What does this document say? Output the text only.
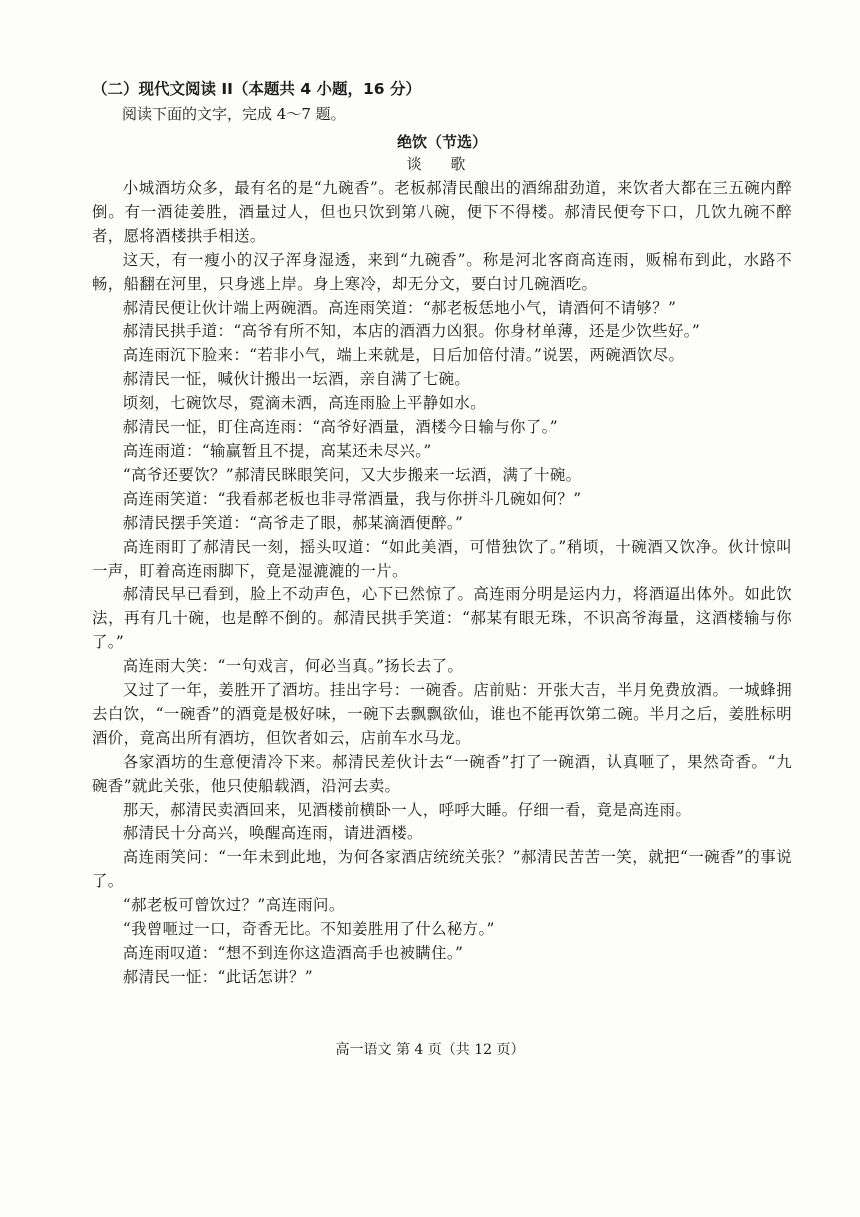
（二）现代文阅读 II（本题共 4 小题，16 分）
阅读下面的文字，完成 4～7 题。
绝饮（节选）
谈 歌

小城酒坊众多，最有名的是“九碗香”。老板郝清民酿出的酒绵甜劲道，来饮者大都在三五碗内醉倒。有一酒徒姜胜，酒量过人，但也只饮到第八碗，便下不得楼。郝清民便夸下口，几饮九碗不醉者，愿将酒楼拱手相送。

这天，有一瘦小的汉子浑身湿透，来到“九碗香”。称是河北客商高连雨，贩棉布到此，水路不畅，船翻在河里，只身逃上岸。身上寒冷，却无分文，要白讨几碗酒吃。

郝清民便让伙计端上两碗酒。高连雨笑道：“郝老板恁地小气，请酒何不请够？”

郝清民拱手道：“高爷有所不知，本店的酒酒力凶狠。你身材单薄，还是少饮些好。”

高连雨沉下脸来：“若非小气，端上来就是，日后加倍付清。”说罢，两碗酒饮尽。

郝清民一怔，喊伙计搬出一坛酒，亲自满了七碗。

顷刻，七碗饮尽，霓滴未洒，高连雨脸上平静如水。

郝清民一怔，盯住高连雨：“高爷好酒量，酒楼今日输与你了。”

高连雨道：“输赢暂且不提，高某还未尽兴。”

“高爷还要饮？”郝清民眯眼笑问，又大步搬来一坛酒，满了十碗。

高连雨笑道：“我看郝老板也非寻常酒量，我与你拼斗几碗如何？”

郝清民摆手笑道：“高爷走了眼，郝某滴酒便醉。”

高连雨盯了郝清民一刻，摇头叹道：“如此美酒，可惜独饮了。”稍顷，十碗酒又饮净。伙计惊叫一声，盯着高连雨脚下，竟是湿漉漉的一片。

郝清民早已看到，脸上不动声色，心下已然惊了。高连雨分明是运内力，将酒逼出体外。如此饮法，再有几十碗，也是醉不倒的。郝清民拱手笑道：“郝某有眼无珠，不识高爷海量，这酒楼输与你了。”

高连雨大笑：“一句戏言，何必当真。”扬长去了。

又过了一年，姜胜开了酒坊。挂出字号：一碗香。店前贴：开张大吉，半月免费放酒。一城蜂拥去白饮，“一碗香”的酒竟是极好味，一碗下去飘飘欲仙，谁也不能再饮第二碗。半月之后，姜胜标明酒价，竟高出所有酒坊，但饮者如云，店前车水马龙。

各家酒坊的生意便清冷下来。郝清民差伙计去“一碗香”打了一碗酒，认真咂了，果然奇香。“九碗香”就此关张，他只使船载酒，沿河去卖。

那天，郝清民卖酒回来，见酒楼前横卧一人，呼呼大睡。仔细一看，竟是高连雨。

郝清民十分高兴，唤醒高连雨，请进酒楼。

高连雨笑问：“一年未到此地，为何各家酒店统统关张？”郝清民苦苦一笑，就把“一碗香”的事说了。

“郝老板可曾饮过？”高连雨问。

“我曾咂过一口，奇香无比。不知姜胜用了什么秘方。”

高连雨叹道：“想不到连你这造酒高手也被瞒住。”

郝清民一怔：“此话怎讲？”

高一语文 第 4 页（共 12 页）
